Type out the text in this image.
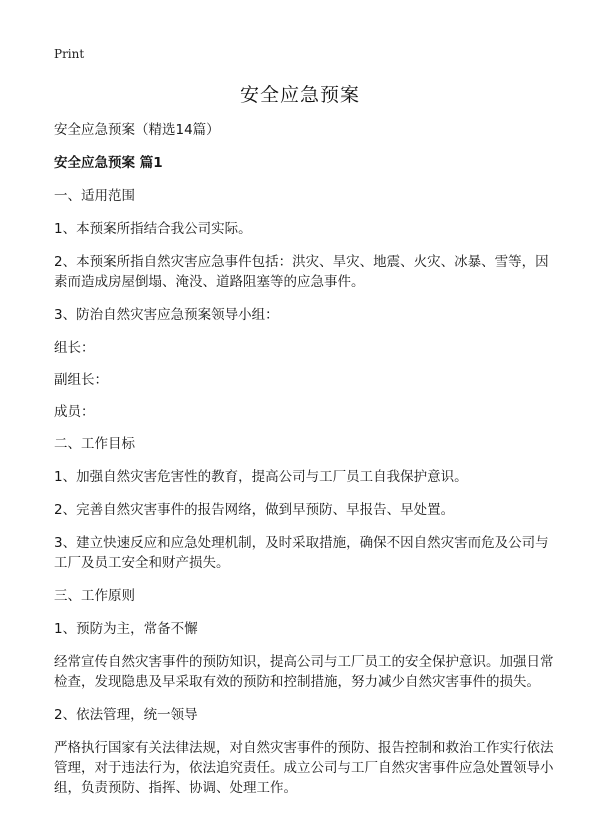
Print
安全应急预案

安全应急预案（精选14篇）

安全应急预案 篇1

一、适用范围

1、本预案所指结合我公司实际。

2、本预案所指自然灾害应急事件包括：洪灾、旱灾、地震、火灾、冰暴、雪等，因素而造成房屋倒塌、淹没、道路阻塞等的应急事件。

3、防治自然灾害应急预案领导小组：

组长：

副组长：

成员：

二、工作目标

1、加强自然灾害危害性的教育，提高公司与工厂员工自我保护意识。

2、完善自然灾害事件的报告网络，做到早预防、早报告、早处置。

3、建立快速反应和应急处理机制，及时采取措施，确保不因自然灾害而危及公司与工厂及员工安全和财产损失。

三、工作原则

1、预防为主，常备不懈

经常宣传自然灾害事件的预防知识，提高公司与工厂员工的安全保护意识。加强日常检查，发现隐患及早采取有效的预防和控制措施，努力减少自然灾害事件的损失。

2、依法管理，统一领导

严格执行国家有关法律法规，对自然灾害事件的预防、报告控制和救治工作实行依法管理，对于违法行为，依法追究责任。成立公司与工厂自然灾害事件应急处置领导小组，负责预防、指挥、协调、处理工作。
